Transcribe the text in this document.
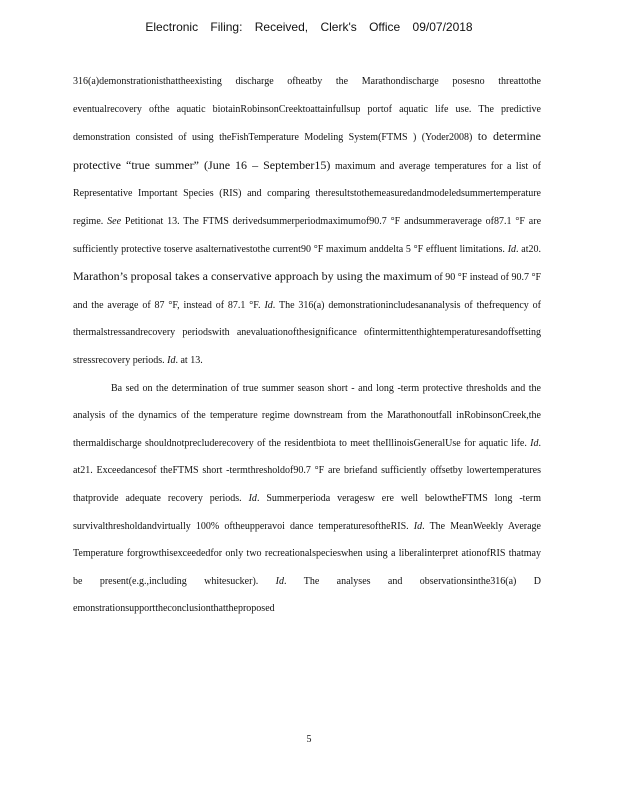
Electronic Filing: Received, Clerk's Office 09/07/2018

316(a)demonstrationisthattheexisting discharge ofheatby the Marathondischarge posesno threattothe eventualrecovery ofthe aquatic biotainRobinsonCreektoattainfullsup portof aquatic life use. The predictive demonstration consisted of using theFishTemperature Modeling System(FTMS ) (Yoder2008) to determine protective “true summer” (June 16 – September15) maximum and average temperatures for a list of Representative Important Species (RIS) and comparing theresultstothemeasuredandmodeledsummertemperature regime. See Petitionat 13. The FTMS derivedsummerperiodmaximumof90.7 °F andsummeraverage of87.1 °F are sufficiently protective toserve asalternativestothe current90 °F maximum anddelta 5 °F effluent limitations. Id. at20. Marathon’s proposal takes a conservative approach by using the maximum of 90 °F instead of 90.7 °F and the average of 87 °F, instead of 87.1 °F. Id. The 316(a) demonstrationincludesananalysis of thefrequency of thermalstressandrecovery periodswith anevaluationofthesignificance ofintermittenthightemperaturesandoffsetting stressrecovery periods. Id. at 13.

Ba sed on the determination of true summer season short - and long -term protective thresholds and the analysis of the dynamics of the temperature regime downstream from the Marathonoutfall inRobinsonCreek,the thermaldischarge shouldnotprecluderecovery of the residentbiota to meet theIllinoisGeneralUse for aquatic life. Id. at21. Exceedancesof theFTMS short -termthresholdof90.7 °F are briefand sufficiently offsetby lowertemperatures thatprovide adequate recovery periods. Id. Summerperioda veragesw ere well belowtheFTMS long -term survivalthresholdandvirtually 100% oftheupperavoi dance temperaturesoftheRIS. Id. The MeanWeekly Average Temperature forgrowthisexceededfor only two recreationalspecieswhen using a liberalinterpret ationofRIS thatmay be present(e.g.,including whitesucker). Id. The analyses and observationsinthe316(a) D emonstrationsupporttheconclusionthattheproposed

5
